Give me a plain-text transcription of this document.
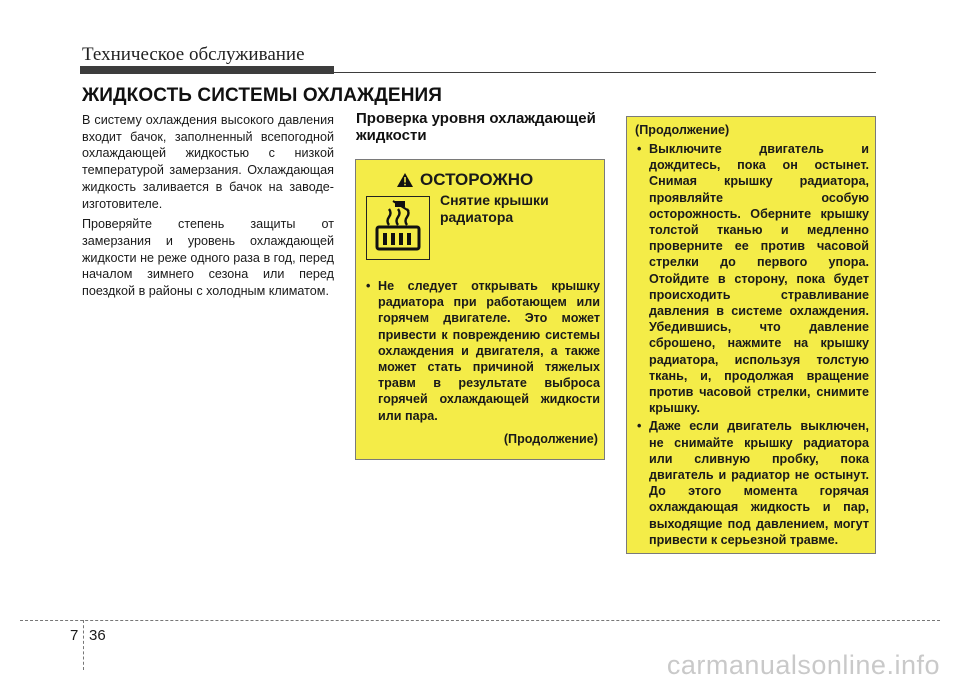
Техническое обслуживание
ЖИДКОСТЬ СИСТЕМЫ ОХЛАЖДЕНИЯ

В систему охлаждения высокого давления входит бачок, заполненный всепогодной охлаждающей жидкостью с низкой температурой замерзания. Охлаждающая жидкость заливается в бачок на заводе-изготовителе.

Проверяйте степень защиты от замерзания и уровень охлаждающей жидкости не реже одного раза в год, перед началом зимнего сезона или перед поездкой в районы с холодным климатом.

Проверка уровня охлаждающей жидкости
ОСТОРОЖНО
Снятие крышки радиатора
• Не следует открывать крышку радиатора при работающем или горячем двигателе. Это может привести к повреждению системы охлаждения и двигателя, а также может стать причиной тяжелых травм в результате выброса горячей охлаждающей жидкости или пара.
(Продолжение)
(Продолжение)
• Выключите двигатель и дождитесь, пока он остынет. Снимая крышку радиатора, проявляйте особую осторожность. Оберните крышку толстой тканью и медленно проверните ее против часовой стрелки до первого упора. Отойдите в сторону, пока будет происходить стравливание давления в системе охлаждения. Убедившись, что давление сброшено, нажмите на крышку радиатора, используя толстую ткань, и, продолжая вращение против часовой стрелки, снимите крышку.
• Даже если двигатель выключен, не снимайте крышку радиатора или сливную пробку, пока двигатель и радиатор не остынут. До этого момента горячая охлаждающая жидкость и пар, выходящие под давлением, могут привести к серьезной травме.
7 36
carmanualsonline.info
